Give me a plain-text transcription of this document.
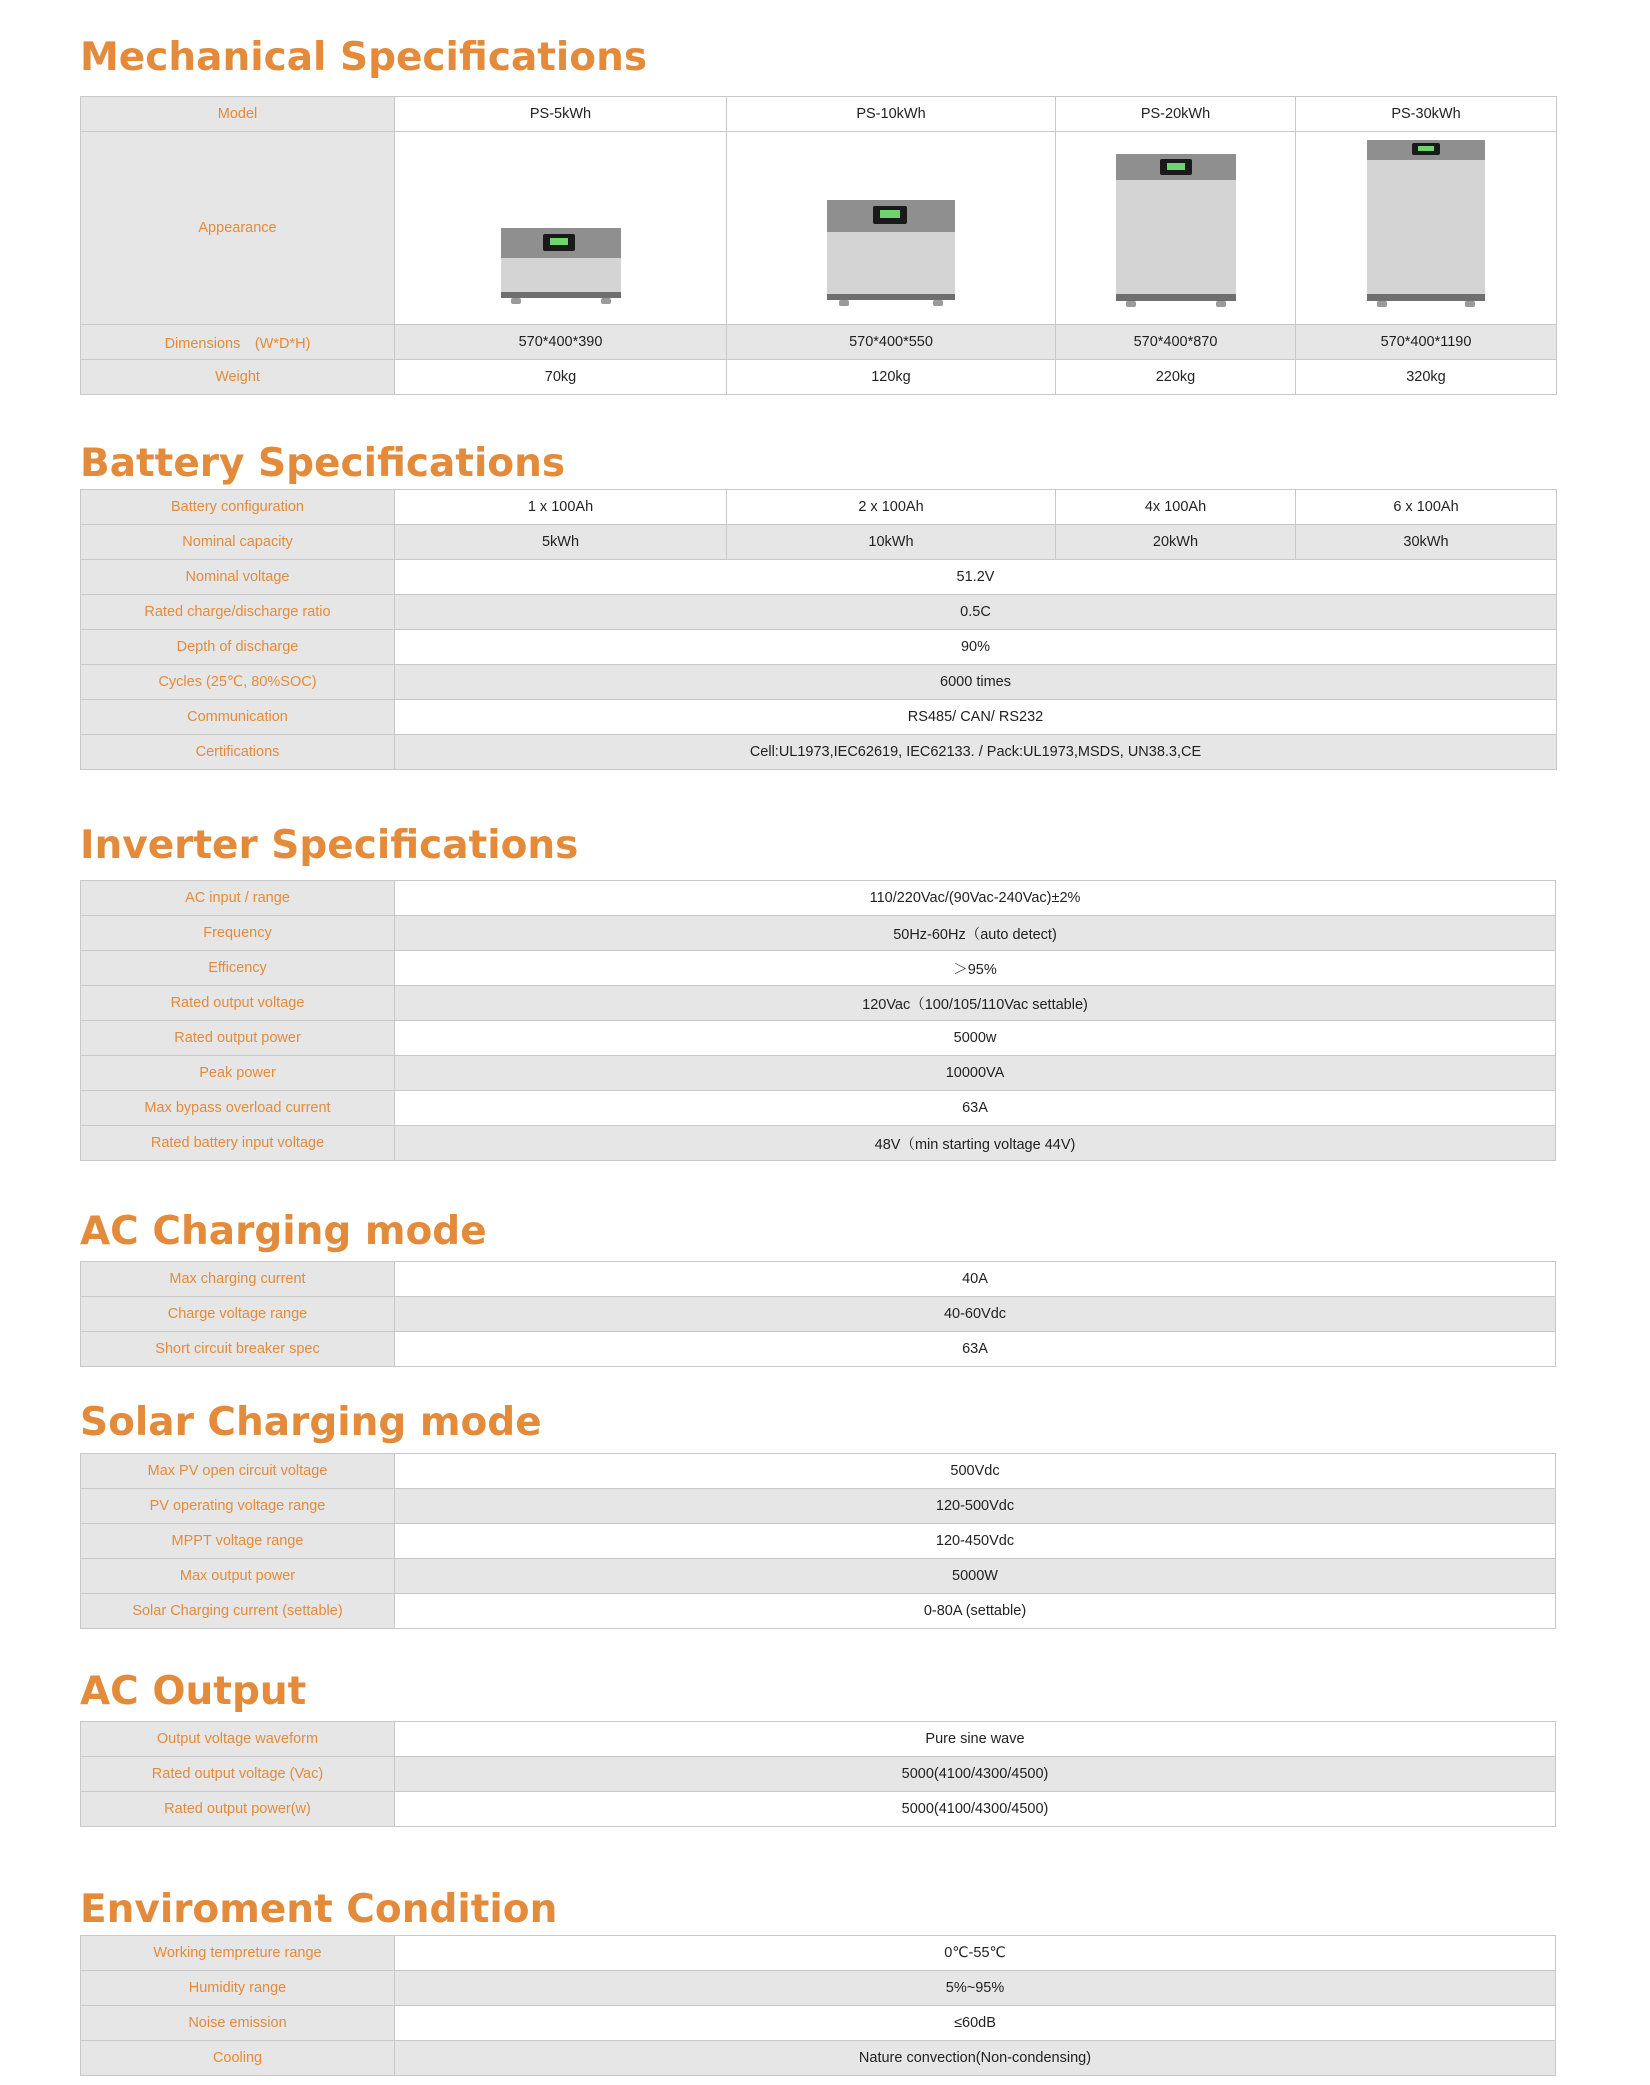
Mechanical Specifications
Model	PS-5kWh	PS-10kWh	PS-20kWh	PS-30kWh
Appearance	

Dimensions　(W*D*H)	570*400*390	570*400*550	570*400*870	570*400*1190
Weight	70kg	120kg	220kg	320kg
Battery Specifications
Battery configuration	1 x 100Ah	2 x 100Ah	4x 100Ah	6 x 100Ah
Nominal capacity	5kWh	10kWh	20kWh	30kWh
Nominal voltage	51.2V			
Rated charge/discharge ratio	0.5C			
Depth of discharge	90%			
Cycles (25℃, 80%SOC)	6000 times			
Communication	RS485/ CAN/ RS232			
Certifications	Cell:UL1973,IEC62619, IEC62133. / Pack:UL1973,MSDS, UN38.3,CE			
Inverter Specifications
AC input / range	110/220Vac/(90Vac-240Vac)±2%
Frequency	50Hz-60Hz（auto detect)
Efficency	＞95%
Rated output voltage	120Vac（100/105/110Vac settable)
Rated output power	5000w
Peak power	10000VA
Max bypass overload current	63A
Rated battery input voltage	48V（min starting voltage 44V)
AC Charging mode
Max charging current	40A
Charge voltage range	40-60Vdc
Short circuit breaker spec	63A
Solar Charging mode
Max PV open circuit voltage	500Vdc
PV operating voltage range	120-500Vdc
MPPT voltage range	120-450Vdc
Max output power	5000W
Solar Charging current (settable)	0-80A (settable)
AC Output
Output voltage waveform	Pure sine wave
Rated output voltage (Vac)	5000(4100/4300/4500)
Rated output power(w)	5000(4100/4300/4500)
Enviroment Condition
Working tempreture range	0℃-55℃
Humidity range	5%~95%
Noise emission	≤60dB
Cooling	Nature convection(Non-condensing)
